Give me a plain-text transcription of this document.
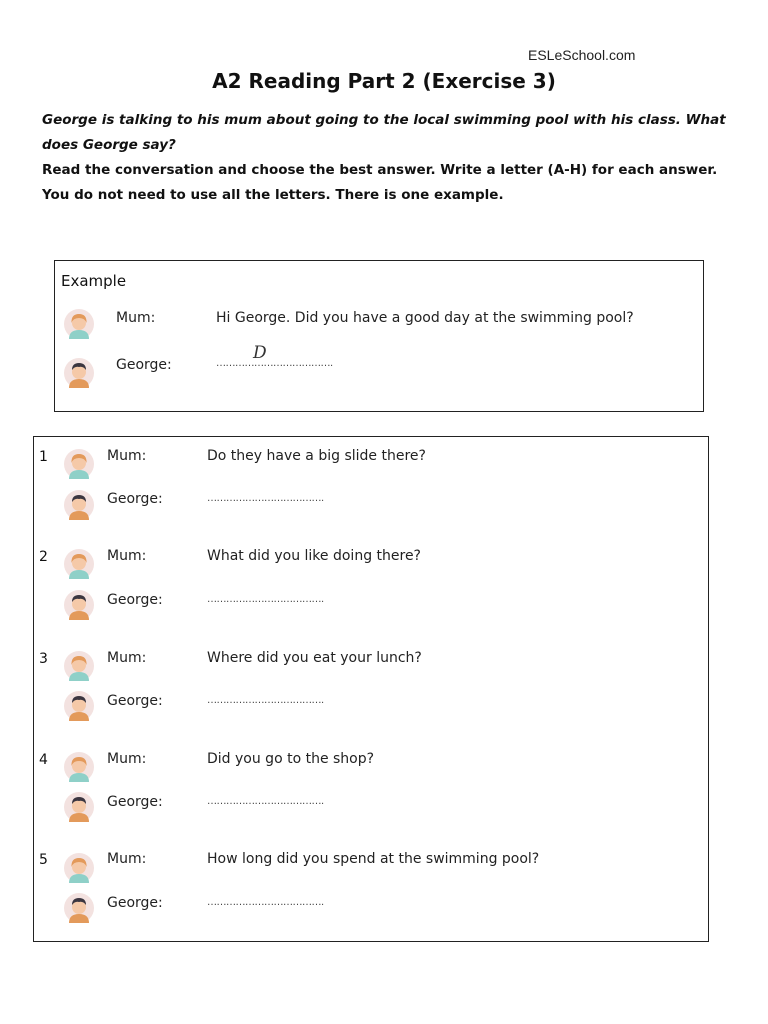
ESLeSchool.com
A2 Reading Part 2 (Exercise 3)

George is talking to his mum about going to the local swimming pool with his class. What does George say?

Read the conversation and choose the best answer. Write a letter (A-H) for each answer. You do not need to use all the letters. There is one example.

Example
Mum:	Hi George. Did you have a good day at the swimming pool?
George:	……………………………….
D
1	Mum:	Do they have a big slide there?
George:	……………………………….
2	Mum:	What did you like doing there?
George:	……………………………….
3	Mum:	Where did you eat your lunch?
George:	……………………………….
4	Mum:	Did you go to the shop?
George:	……………………………….
5	Mum:	How long did you spend at the swimming pool?
George:	……………………………….
